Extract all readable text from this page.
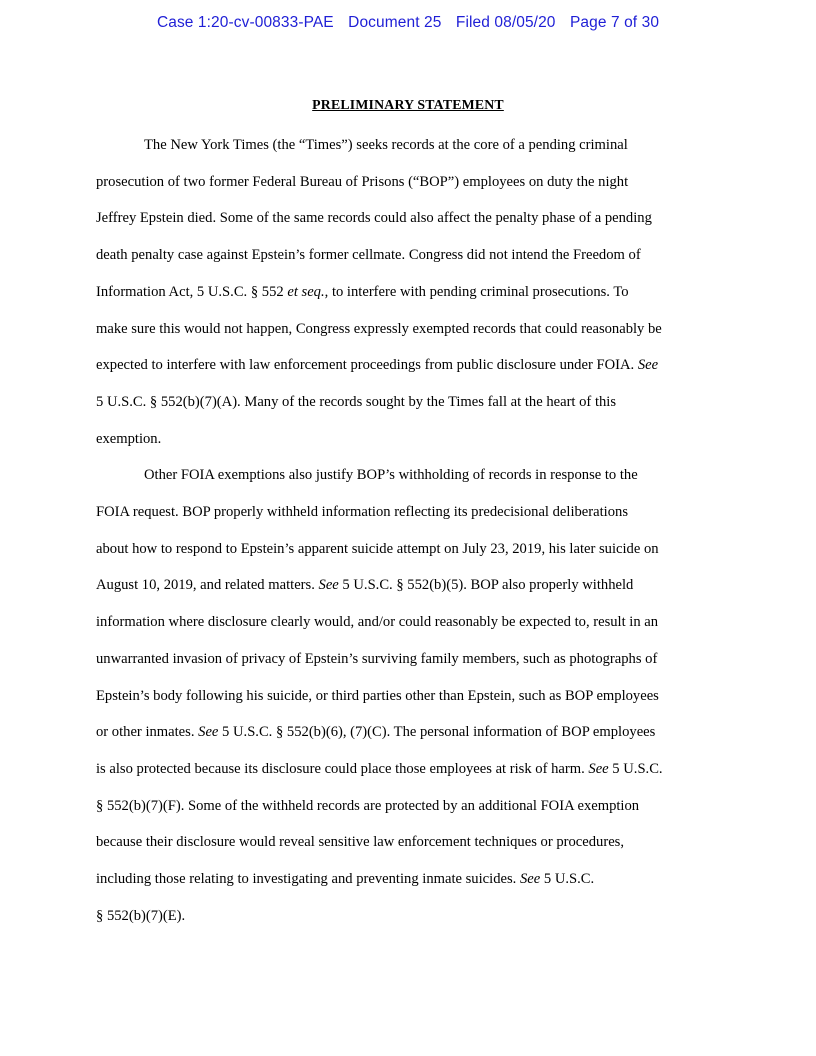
Case 1:20-cv-00833-PAE Document 25 Filed 08/05/20 Page 7 of 30
PRELIMINARY STATEMENT
The New York Times (the “Times”) seeks records at the core of a pending criminal
prosecution of two former Federal Bureau of Prisons (“BOP”) employees on duty the night
Jeffrey Epstein died. Some of the same records could also affect the penalty phase of a pending
death penalty case against Epstein’s former cellmate. Congress did not intend the Freedom of
Information Act, 5 U.S.C. § 552 et seq., to interfere with pending criminal prosecutions. To
make sure this would not happen, Congress expressly exempted records that could reasonably be
expected to interfere with law enforcement proceedings from public disclosure under FOIA. See
5 U.S.C. § 552(b)(7)(A). Many of the records sought by the Times fall at the heart of this
exemption.
Other FOIA exemptions also justify BOP’s withholding of records in response to the
FOIA request. BOP properly withheld information reflecting its predecisional deliberations
about how to respond to Epstein’s apparent suicide attempt on July 23, 2019, his later suicide on
August 10, 2019, and related matters. See 5 U.S.C. § 552(b)(5). BOP also properly withheld
information where disclosure clearly would, and/or could reasonably be expected to, result in an
unwarranted invasion of privacy of Epstein’s surviving family members, such as photographs of
Epstein’s body following his suicide, or third parties other than Epstein, such as BOP employees
or other inmates. See 5 U.S.C. § 552(b)(6), (7)(C). The personal information of BOP employees
is also protected because its disclosure could place those employees at risk of harm. See 5 U.S.C.
§ 552(b)(7)(F). Some of the withheld records are protected by an additional FOIA exemption
because their disclosure would reveal sensitive law enforcement techniques or procedures,
including those relating to investigating and preventing inmate suicides. See 5 U.S.C.
§ 552(b)(7)(E).
